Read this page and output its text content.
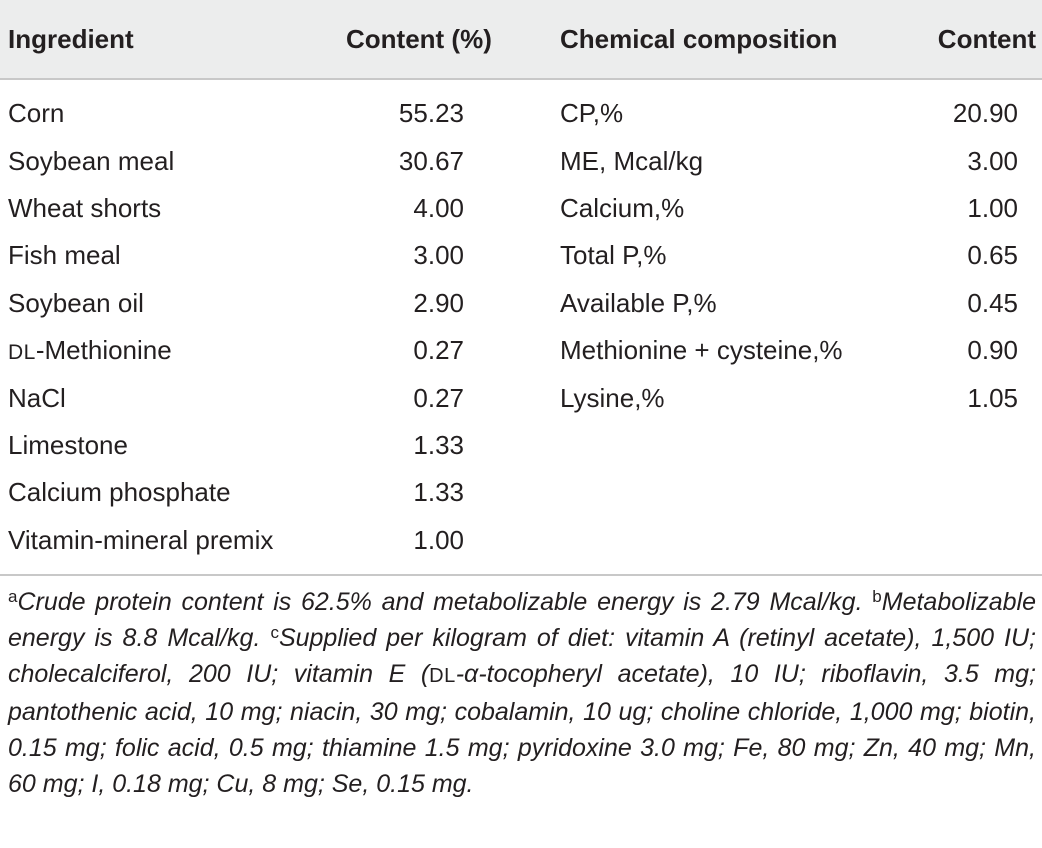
Ingredient	Content (%)	Chemical composition	Content
Corn	55.23	CP,%	20.90
Soybean meal	30.67	ME, Mcal/kg	3.00
Wheat shorts	4.00	Calcium,%	1.00
Fish meal	3.00	Total P,%	0.65
Soybean oil	2.90	Available P,%	0.45
DL-Methionine	0.27	Methionine + cysteine,%	0.90
NaCl	0.27	Lysine,%	1.05
Limestone	1.33		
Calcium phosphate	1.33		
Vitamin-mineral premix	1.00		
$^a$Crude protein content is 62.5% and metabolizable energy is 2.79 Mcal/kg. $^b$Metabolizable energy is 8.8 Mcal/kg. $^c$Supplied per kilogram of diet: vitamin A (retinyl acetate), 1,500 IU; cholecalciferol, 200 IU; vitamin E (DL-α-tocopheryl acetate), 10 IU; riboflavin, 3.5 mg; pantothenic acid, 10 mg; niacin, 30 mg; cobalamin, 10 ug; choline chloride, 1,000 mg; biotin, 0.15 mg; folic acid, 0.5 mg; thiamine 1.5 mg; pyridoxine 3.0 mg; Fe, 80 mg; Zn, 40 mg; Mn, 60 mg; I, 0.18 mg; Cu, 8 mg; Se, 0.15 mg.
